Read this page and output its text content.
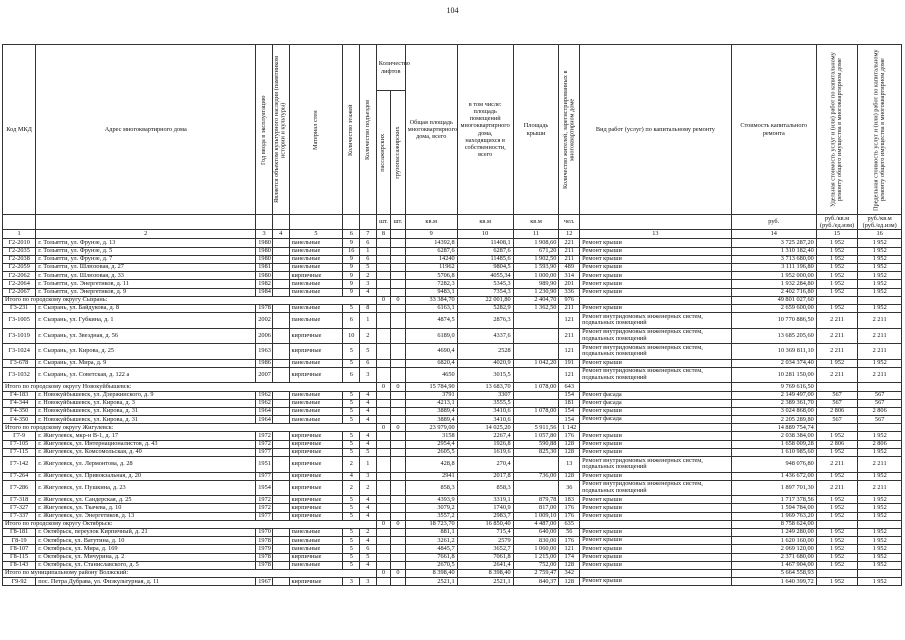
104
Код МКД	Адрес многоквартирного дома	Год ввода в эксплуатацию	Является объектом культурного наследия (памятником истории и культуры)	Материал стен	Количество этажей	Количество подъездов	Количество лифтов		Общая площадь многоквартирного дома, всего	в том числе: площадь помещений многоквартирного дома, находящихся в собственности, всего	Площадь крыши	Количество жителей, зарегистрированных в многоквартирном доме	Вид работ (услуг) по капитальному ремонту	Стоимость капитального ремонта	Удельная стоимость услуг и (или) работ по капитальному ремонту общего имущества в многоквартирном доме	Предельная стоимость услуг и (или) работ по капитальному ремонту общего имущества в многоквартирном доме
							пассажирских	грузопассажирских								
							шт.	шт.	кв.м	кв.м	кв.м	чел.		руб.	руб./кв.м (руб./ед.изм)	руб./кв.м (руб./ед.изм)
1	2	3	4	5	6	7	8		9	10	11	12	13	14	15	16
Г2-2010	г. Тольятти, ул. Фрунзе, д. 13	1980		панельные	9	6			14392,8	11408,1	1 908,60	221	Ремонт крыши	3 725 287,20	1 952	1 952
Г2-2035	г. Тольятти, ул. Фрунзе, д. 5	1980		панельные	16	1			6287,6	6287,6	671,20	211	Ремонт крыши	1 310 182,40	1 952	1 952
Г2-2038	г. Тольятти, ул. Фрунзе, д. 7	1980		панельные	9	6			14240	11485,6	1 902,50	211	Ремонт крыши	3 713 680,00	1 952	1 952
Г2-2059	г. Тольятти, ул. Шлюзовая, д. 27	1981		панельные	9	5			11962	9804,5	1 593,90	489	Ремонт крыши	3 111 196,80	1 952	1 952
Г2-2062	г. Тольятти, ул. Шлюзовая, д. 33	1980		кирпичные	9	2			5706,8	4055,34	1 000,00	314	Ремонт крыши	1 952 000,00	1 952	1 952
Г2-2064	г. Тольятти, ул. Энергетиков, д. 11	1982		панельные	9	3			7282,3	5345,3	989,90	201	Ремонт крыши	1 932 284,80	1 952	1 952
Г2-2067	г. Тольятти, ул. Энергетиков, д. 9	1984		панельные	9	4			9483,1	7354,3	1 230,90	336	Ремонт крыши	2 402 716,80	1 952	1 952
Итого по городскому округу Сызрань:							0	0	33 384,70	22 001,80	2 404,70	976		49 801 027,60		
Г3-231	г. Сызрань, ул. Байдукова, д. 8	1978		панельные	5	8			6163,1	5282,9	1 362,50	211	Ремонт крыши	2 659 600,00	1 952	1 952
Г3-1005	г. Сызрань, ул. Губкина, д. 1	2002		панельные	6	1			4874,5	2876,3		121	Ремонт внутридомовых инженерных систем, подвальных помещений	10 770 886,50	2 211	2 211
Г3-1019	г. Сызрань, ул. Звездная, д. 56	2006		кирпичные	10	2			6189,0	4337,6		211	Ремонт внутридомовых инженерных систем, подвальных помещений	13 685 205,60	2 211	2 211
Г3-1024	г. Сызрань, ул. Кирова, д. 25	1963		кирпичные	5	5			4690,4	2528		121	Ремонт внутридомовых инженерных систем, подвальных помещений	10 369 811,10	2 211	2 211
Г3-678	г. Сызрань, ул. Мира, д. 9	1986		панельные	5	6			6820,4	4020,9	1 042,20	191	Ремонт крыши	2 034 374,40	1 952	1 952
Г3-1032	г. Сызрань, ул. Советская, д. 122 а	2007		кирпичные	6	3			4650	3015,5		121	Ремонт внутридомовых инженерных систем, подвальных помещений	10 281 150,00	2 211	2 211
Итого по городскому округу Новокуйбышевск:							0	0	15 784,90	13 683,70	1 078,00	643		9 769 616,50		
Г4-183	г. Новокуйбышевск, ул. Дзержинского, д. 9	1962		панельные	5	4			3791	3307		154	Ремонт фасада	2 149 497,00	567	567
Г4-344	г. Новокуйбышевск, ул. Кирова, д. 3	1962		панельные	5	4			4213,1	3555,5		181	Ремонт фасада	2 389 361,70	567	567
Г4-350	г. Новокуйбышевск, ул. Кирова, д. 31	1964		панельные	5	4			3889,4	3410,6	1 078,00	154	Ремонт крыши	3 024 868,00	2 806	2 806
Г4-350	г. Новокуйбышевск, ул. Кирова, д. 31	1964		панельные	5	4			3889,4	3410,6		154	Ремонт фасада	2 205 289,80	567	567
Итого по городскому округу Жигулевск:							0	0	23 979,00	14 025,20	5 911,56	1 142		14 889 754,74		
Г7-9	г. Жигулевск, мкр-н В-1, д. 17	1972		кирпичные	5	4			3158	2267,4	1 057,80	176	Ремонт крыши	2 038 384,00	1 952	1 952
Г7-105	г. Жигулевск, ул. Интернационалистов, д. 43	1972		кирпичные	5	4			2954,4	1926,8	590,88	128	Ремонт крыши	1 658 009,28	2 806	2 806
Г7-115	г. Жигулевск, ул. Комсомольская, д. 40	1977		кирпичные	5	5			2605,5	1619,6	825,30	128	Ремонт крыши	1 610 985,60	1 952	1 952
Г7-142	г. Жигулевск, ул. Лермонтова, д. 28	1951		кирпичные	2	1			428,8	270,4		13	Ремонт внутридомовых инженерных систем, подвальных помещений	948 076,80	2 211	2 211
Г7-264	г. Жигулевск, ул. Привокзальная, д. 20	1977		кирпичные	4	3			2941	2017,8	736,00	128	Ремонт крыши	1 436 672,00	1 952	1 952
Г7-286	г. Жигулевск, ул. Пушкина, д. 23	1954		кирпичные	2	2			858,3	858,3		36	Ремонт внутридомовых инженерных систем, подвальных помещений	1 897 701,30	2 211	2 211
Г7-318	г. Жигулевск, ул. Сандерская, д. 25	1972		кирпичные	5	4			4393,9	3319,1	879,78	183	Ремонт крыши	1 717 378,56	1 952	1 952
Г7-327	г. Жигулевск, ул. Ткачева, д. 10	1972		кирпичные	5	4			3079,2	1740,9	817,00	176	Ремонт крыши	1 594 784,00	1 952	1 952
Г7-337	г. Жигулевск, ул. Энергетиков, д. 13	1977		кирпичные	5	4			3557,2	2983,7	1 009,10	176	Ремонт крыши	1 969 763,20	1 952	1 952
Итого по городскому округу Октябрьск:							0	0	18 723,70	16 850,40	4 487,00	635		8 758 624,00		
Г8-181	г. Октябрьск, переулок Кирпичный, д. 21	1970		панельные	5	2			881,1	715,4	640,00	56	Ремонт крыши	1 249 280,00	1 952	1 952
Г8-19	г. Октябрьск, ул. Ватутина, д. 10	1978		панельные	5	4			3261,2	2579	830,00	176	Ремонт крыши	1 620 160,00	1 952	1 952
Г8-107	г. Октябрьск, ул. Мира, д. 169	1979		панельные	5	6			4845,7	3652,7	1 060,00	121	Ремонт крыши	2 069 120,00	1 952	1 952
Г8-115	г. Октябрьск, ул. Мичурина, д. 2	1978		кирпичные	5	5			7661,8	7061,8	1 215,00	174	Ремонт крыши	2 371 680,00	1 952	1 952
Г8-143	г. Октябрьск, ул. Станиславского, д. 5	1978		панельные	5	4			2670,5	2641,4	752,00	128	Ремонт крыши	1 467 904,00	1 952	1 952
Итого по муниципальному району Волжский:							0	0	8 398,40	8 398,40	2 759,47	342		5 664 558,93		
Г9-92	пос. Петра Дубрава, ул. Физкультурная, д. 11	1967		кирпичные	3	3			2521,1	2521,1	840,37	128	Ремонт крыши	1 640 399,72	1 952	1 952
